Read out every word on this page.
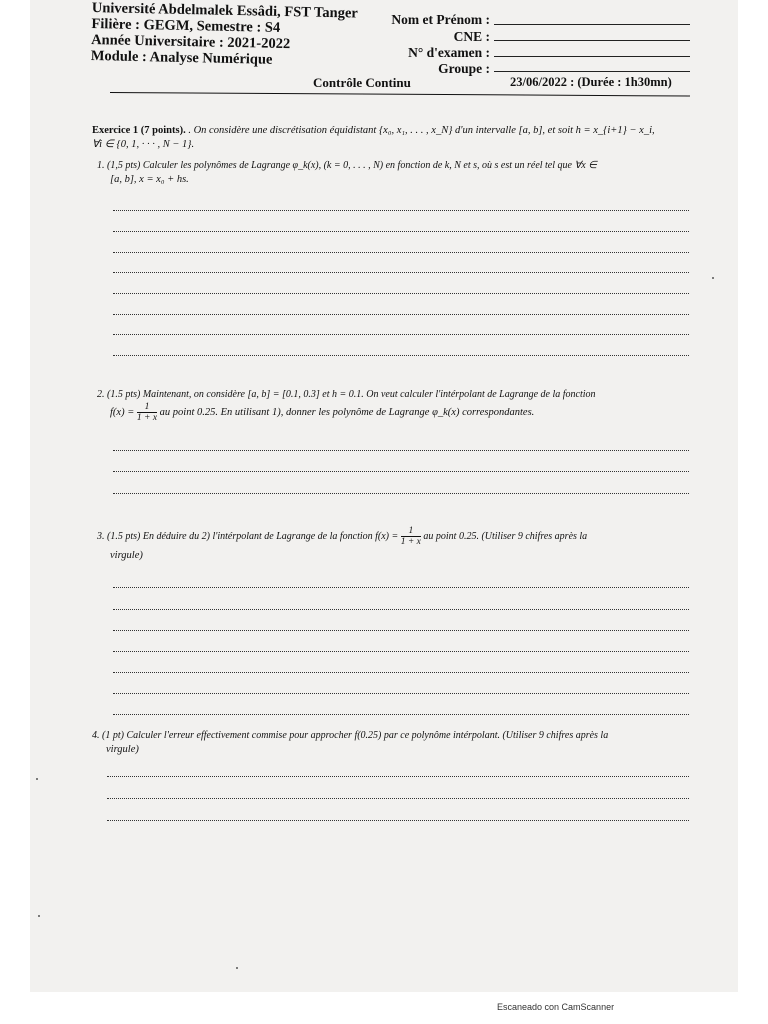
Université Abdelmalek Essâdi, FST Tanger
Filière : GEGM, Semestre : S4
Année Universitaire : 2021-2022
Module : Analyse Numérique
Nom et Prénom :
CNE :
N° d'examen :
Groupe :
Contrôle Continu	23/06/2022 : (Durée : 1h30mn)
Exercice 1 (7 points). . On considère une discrétisation équidistant {x₀, x₁, . . . , x_N} d'un intervalle [a, b], et soit h = x_{i+1} − x_i,
∀i ∈ {0, 1, · · · , N − 1}.
1. (1,5 pts) Calculer les polynômes de Lagrange φ_k(x), (k = 0, . . . , N) en fonction de k, N et s, où s est un réel tel que ∀x ∈
[a, b], x = x₀ + hs.
2. (1.5 pts) Maintenant, on considère [a, b] = [0.1, 0.3] et h = 0.1. On veut calculer l'intérpolant de Lagrange de la fonction
$f(x) = \frac{1}{1 + x}$ au point 0.25. En utilisant 1), donner les polynôme de Lagrange φ_k(x) correspondantes.
3. (1.5 pts) En déduire du 2) l'intérpolant de Lagrange de la fonction $f(x) = \frac{1}{1 + x}$ au point 0.25. (Utiliser 9 chifres après la
virgule)
4. (1 pt) Calculer l'erreur effectivement commise pour approcher f(0.25) par ce polynôme intérpolant. (Utiliser 9 chifres après la
virgule)
Escaneado con CamScanner
